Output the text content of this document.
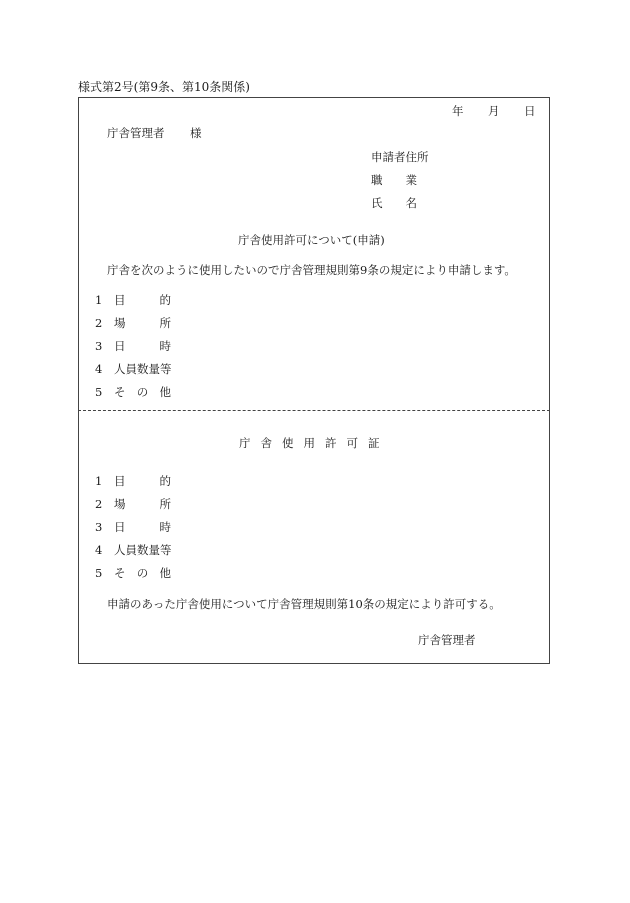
様式第2号(第9条、第10条関係)
年 月 日
庁舎管理者 様
申請者住所
職　　業
氏　　名
庁舎使用許可について(申請)
庁舎を次のように使用したいので庁舎管理規則第9条の規定により申請します。
1 目的
2 場所
3 日時
4 人員数量等
5 その他
庁舎使用許可証
1 目的
2 場所
3 日時
4 人員数量等
5 その他
申請のあった庁舎使用について庁舎管理規則第10条の規定により許可する。
庁舎管理者
